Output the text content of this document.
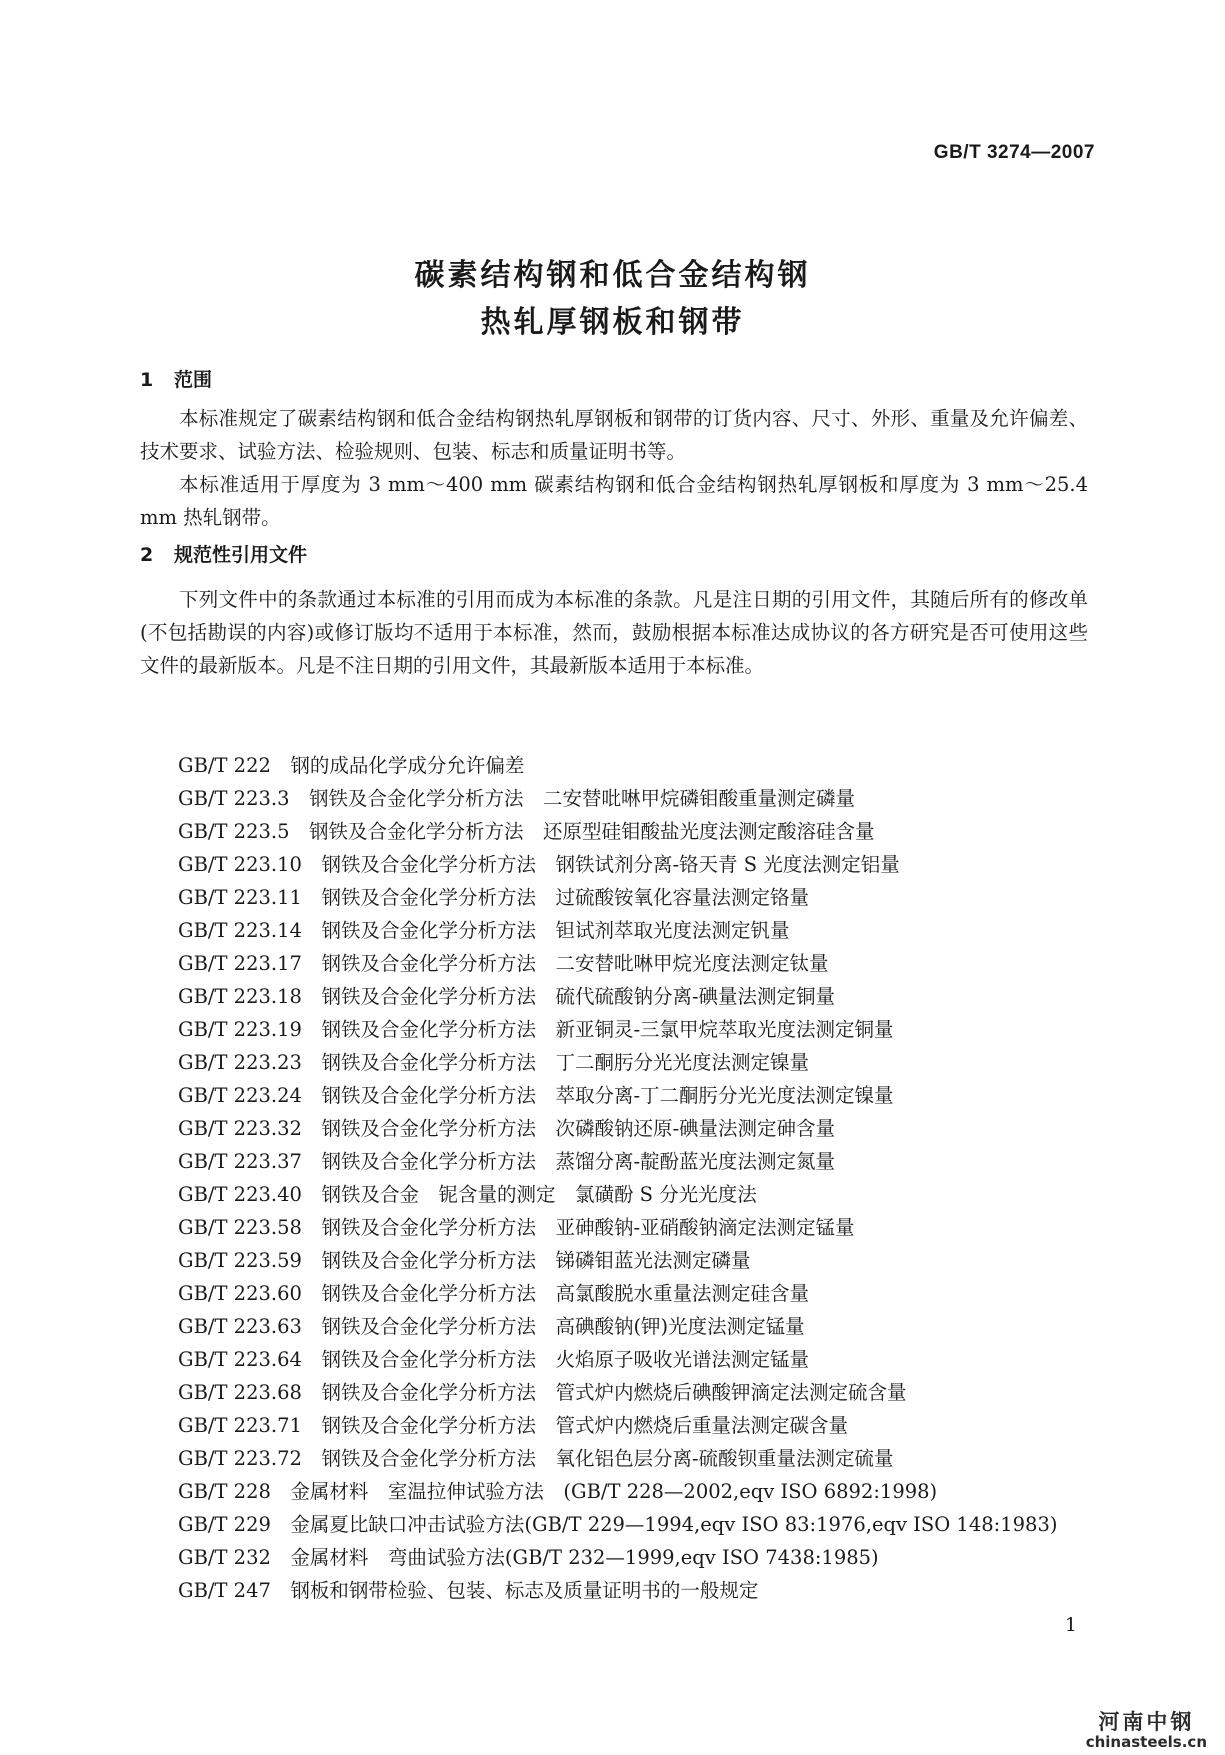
GB/T 3274—2007
碳素结构钢和低合金结构钢
热轧厚钢板和钢带
1 范围

本标准规定了碳素结构钢和低合金结构钢热轧厚钢板和钢带的订货内容、尺寸、外形、重量及允许偏差、技术要求、试验方法、检验规则、包装、标志和质量证明书等。

本标准适用于厚度为 3 mm～400 mm 碳素结构钢和低合金结构钢热轧厚钢板和厚度为 3 mm～25.4 mm 热轧钢带。

2 规范性引用文件

下列文件中的条款通过本标准的引用而成为本标准的条款。凡是注日期的引用文件，其随后所有的修改单(不包括勘误的内容)或修订版均不适用于本标准，然而，鼓励根据本标准达成协议的各方研究是否可使用这些文件的最新版本。凡是不注日期的引用文件，其最新版本适用于本标准。

GB/T 222　 钢的成品化学成分允许偏差
GB/T 223.3　 钢铁及合金化学分析方法　二安替吡啉甲烷磷钼酸重量测定磷量
GB/T 223.5　 钢铁及合金化学分析方法　还原型硅钼酸盐光度法测定酸溶硅含量
GB/T 223.10　 钢铁及合金化学分析方法　钢铁试剂分离-铬天青 S 光度法测定铝量
GB/T 223.11　 钢铁及合金化学分析方法　过硫酸铵氧化容量法测定铬量
GB/T 223.14　 钢铁及合金化学分析方法　钽试剂萃取光度法测定钒量
GB/T 223.17　 钢铁及合金化学分析方法　二安替吡啉甲烷光度法测定钛量
GB/T 223.18　 钢铁及合金化学分析方法　硫代硫酸钠分离-碘量法测定铜量
GB/T 223.19　 钢铁及合金化学分析方法　新亚铜灵-三氯甲烷萃取光度法测定铜量
GB/T 223.23　 钢铁及合金化学分析方法　丁二酮肟分光光度法测定镍量
GB/T 223.24　 钢铁及合金化学分析方法　萃取分离-丁二酮肟分光光度法测定镍量
GB/T 223.32　 钢铁及合金化学分析方法　次磷酸钠还原-碘量法测定砷含量
GB/T 223.37　 钢铁及合金化学分析方法　蒸馏分离-靛酚蓝光度法测定氮量
GB/T 223.40　 钢铁及合金　铌含量的测定　氯磺酚 S 分光光度法
GB/T 223.58　 钢铁及合金化学分析方法　亚砷酸钠-亚硝酸钠滴定法测定锰量
GB/T 223.59　 钢铁及合金化学分析方法　锑磷钼蓝光法测定磷量
GB/T 223.60　 钢铁及合金化学分析方法　高氯酸脱水重量法测定硅含量
GB/T 223.63　 钢铁及合金化学分析方法　高碘酸钠(钾)光度法测定锰量
GB/T 223.64　 钢铁及合金化学分析方法　火焰原子吸收光谱法测定锰量
GB/T 223.68　 钢铁及合金化学分析方法　管式炉内燃烧后碘酸钾滴定法测定硫含量
GB/T 223.71　 钢铁及合金化学分析方法　管式炉内燃烧后重量法测定碳含量
GB/T 223.72　 钢铁及合金化学分析方法　氧化铝色层分离-硫酸钡重量法测定硫量
GB/T 228　 金属材料　室温拉伸试验方法　(GB/T 228—2002,eqv ISO 6892:1998)
GB/T 229　 金属夏比缺口冲击试验方法(GB/T 229—1994,eqv ISO 83:1976,eqv ISO 148:1983)
GB/T 232　 金属材料　弯曲试验方法(GB/T 232—1999,eqv ISO 7438:1985)
GB/T 247　 钢板和钢带检验、包装、标志及质量证明书的一般规定
1
河南中钢
chinasteels.cn
